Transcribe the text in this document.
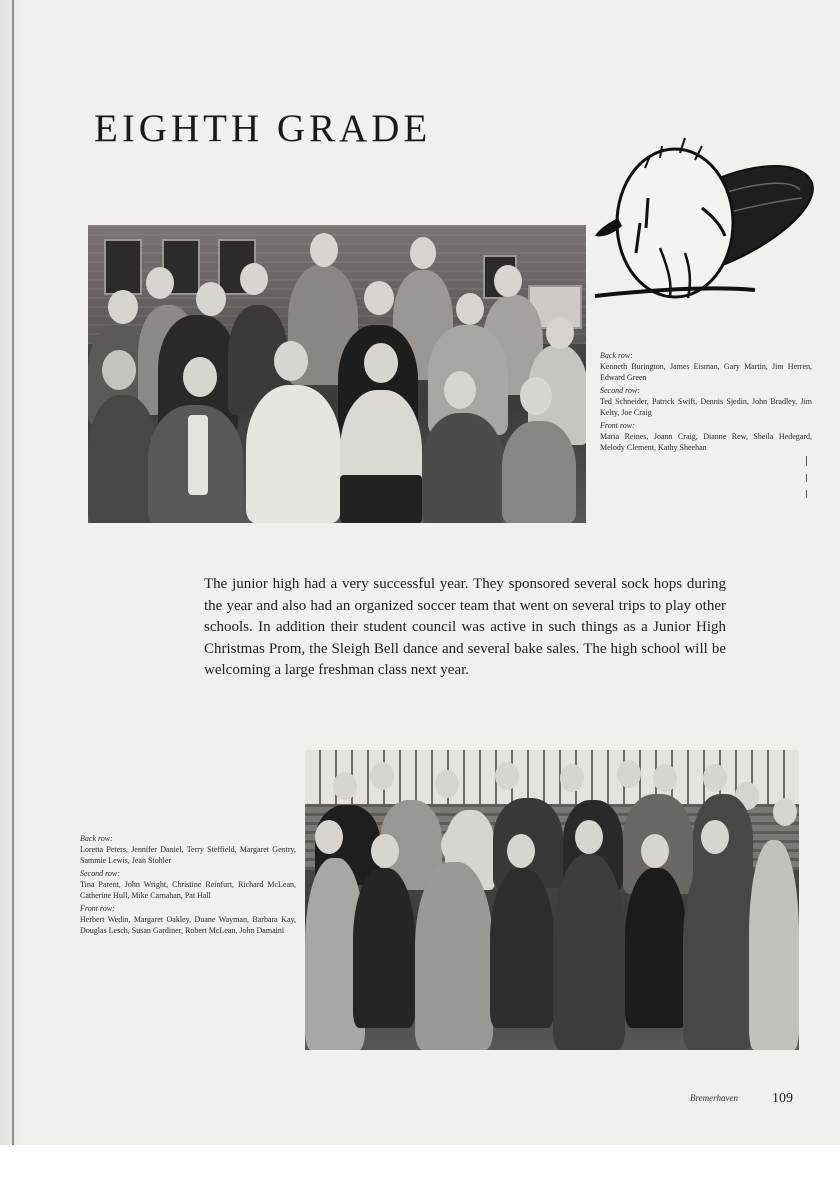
EIGHTH GRADE
Back row:
Kenneth Burington, James Eisman, Gary Martin, Jim Herren, Edward Green
Second row:
Ted Schneider, Patrick Swift, Dennis Sjedin, John Bradley, Jim Kelty, Joe Craig
Front row:
Maria Reines, Joann Craig, Dianne Rew, Sheila Hedegard, Melody Clement, Kathy Sheehan

The junior high had a very successful year. They sponsored several sock hops during the year and also had an organized soccer team that went on several trips to play other schools. In addition their student council was active in such things as a Junior High Christmas Prom, the Sleigh Bell dance and several bake sales. The high school will be welcoming a large freshman class next year.

Back row:
Loretta Peters, Jennifer Daniel, Terry Steffield, Margaret Gentry, Sammie Lewis, Jean Stohler
Second row:
Tina Parent, John Wright, Christine Reinfurt, Richard McLean, Catherine Hull, Mike Carnahan, Pat Hall
Front row:
Herbert Wedin, Margaret Oakley, Duane Wayman, Barbara Kay, Douglas Lesch, Susan Gardiner, Robert McLean, John Damaini
Bremerhaven 109
